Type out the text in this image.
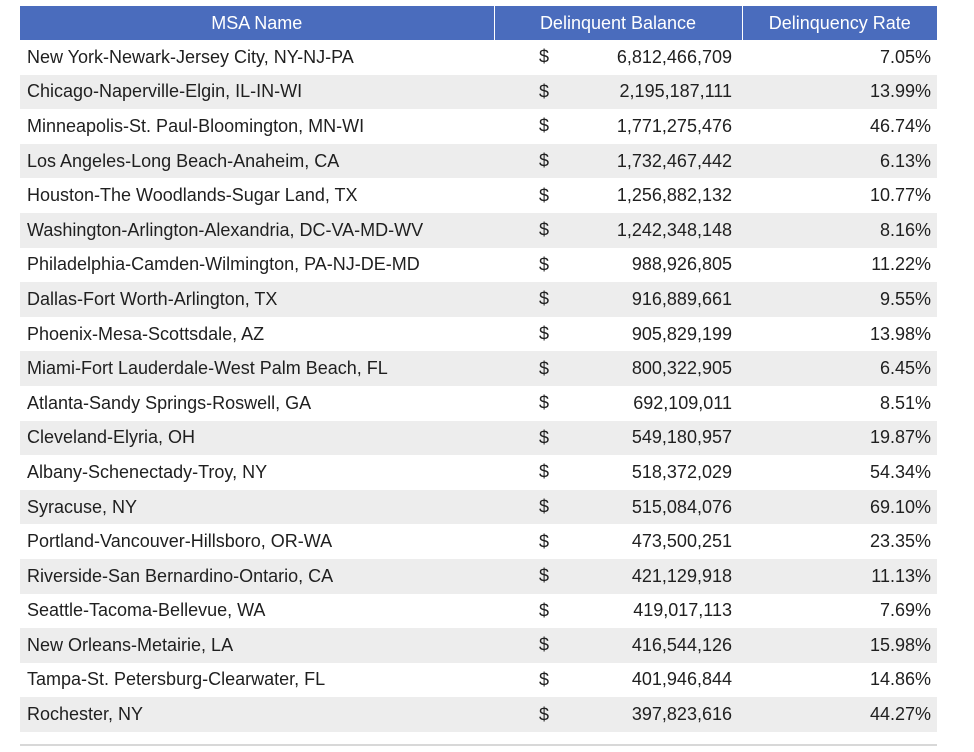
MSA Name	Delinquent Balance	Delinquency Rate
New York-Newark-Jersey City, NY-NJ-PA	$ 6,812,466,709	7.05%
Chicago-Naperville-Elgin, IL-IN-WI	$ 2,195,187,111	13.99%
Minneapolis-St. Paul-Bloomington, MN-WI	$ 1,771,275,476	46.74%
Los Angeles-Long Beach-Anaheim, CA	$ 1,732,467,442	6.13%
Houston-The Woodlands-Sugar Land, TX	$ 1,256,882,132	10.77%
Washington-Arlington-Alexandria, DC-VA-MD-WV	$ 1,242,348,148	8.16%
Philadelphia-Camden-Wilmington, PA-NJ-DE-MD	$ 988,926,805	11.22%
Dallas-Fort Worth-Arlington, TX	$ 916,889,661	9.55%
Phoenix-Mesa-Scottsdale, AZ	$ 905,829,199	13.98%
Miami-Fort Lauderdale-West Palm Beach, FL	$ 800,322,905	6.45%
Atlanta-Sandy Springs-Roswell, GA	$ 692,109,011	8.51%
Cleveland-Elyria, OH	$ 549,180,957	19.87%
Albany-Schenectady-Troy, NY	$ 518,372,029	54.34%
Syracuse, NY	$ 515,084,076	69.10%
Portland-Vancouver-Hillsboro, OR-WA	$ 473,500,251	23.35%
Riverside-San Bernardino-Ontario, CA	$ 421,129,918	11.13%
Seattle-Tacoma-Bellevue, WA	$ 419,017,113	7.69%
New Orleans-Metairie, LA	$ 416,544,126	15.98%
Tampa-St. Petersburg-Clearwater, FL	$ 401,946,844	14.86%
Rochester, NY	$ 397,823,616	44.27%
